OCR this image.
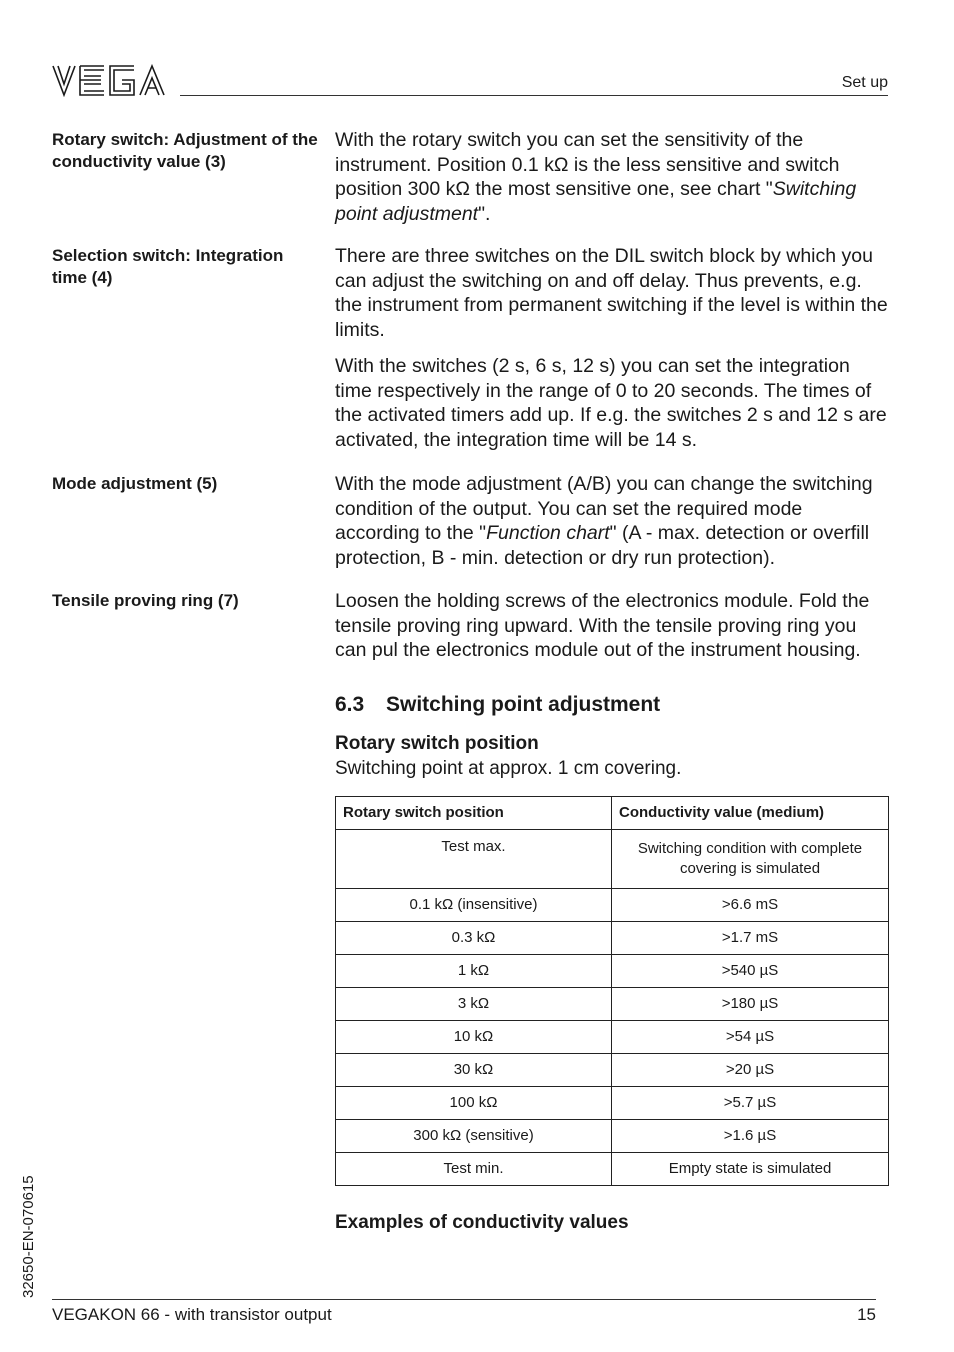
Set up
Rotary switch: Adjustment of the conductivity value (3)

With the rotary switch you can set the sensitivity of the instrument. Position 0.1 kΩ is the less sensitive and switch position 300 kΩ the most sensitive one, see chart "Switching point adjustment".

Selection switch: Integration time (4)

There are three switches on the DIL switch block by which you can adjust the switching on and off delay. Thus prevents, e.g. the instrument from permanent switching if the level is within the limits.

With the switches (2 s, 6 s, 12 s) you can set the integration time respectively in the range of 0 to 20 seconds. The times of the activated timers add up. If e.g. the switches 2 s and 12 s are activated, the integration time will be 14 s.

Mode adjustment (5)	With the mode adjustment (A/B) you can change the switching condition of the output. You can set the required mode according to the "Function chart" (A - max. detection or overfill protection, B - min. detection or dry run protection).

Tensile proving ring (7)	Loosen the holding screws of the electronics module. Fold the tensile proving ring upward. With the tensile proving ring you can pul the electronics module out of the instrument housing.

6.3 Switching point adjustment
Rotary switch position
Switching point at approx. 1 cm covering.
Rotary switch position	Conductivity value (medium)
Test max.	Switching condition with complete covering is simulated
0.1 kΩ (insensitive)	>6.6 mS
0.3 kΩ	>1.7 mS
1 kΩ	>540 µS
3 kΩ	>180 µS
10 kΩ	>54 µS
30 kΩ	>20 µS
100 kΩ	>5.7 µS
300 kΩ (sensitive)	>1.6 µS
Test min.	Empty state is simulated
Examples of conductivity values
32650-EN-070615
VEGAKON 66 - with transistor output	15
